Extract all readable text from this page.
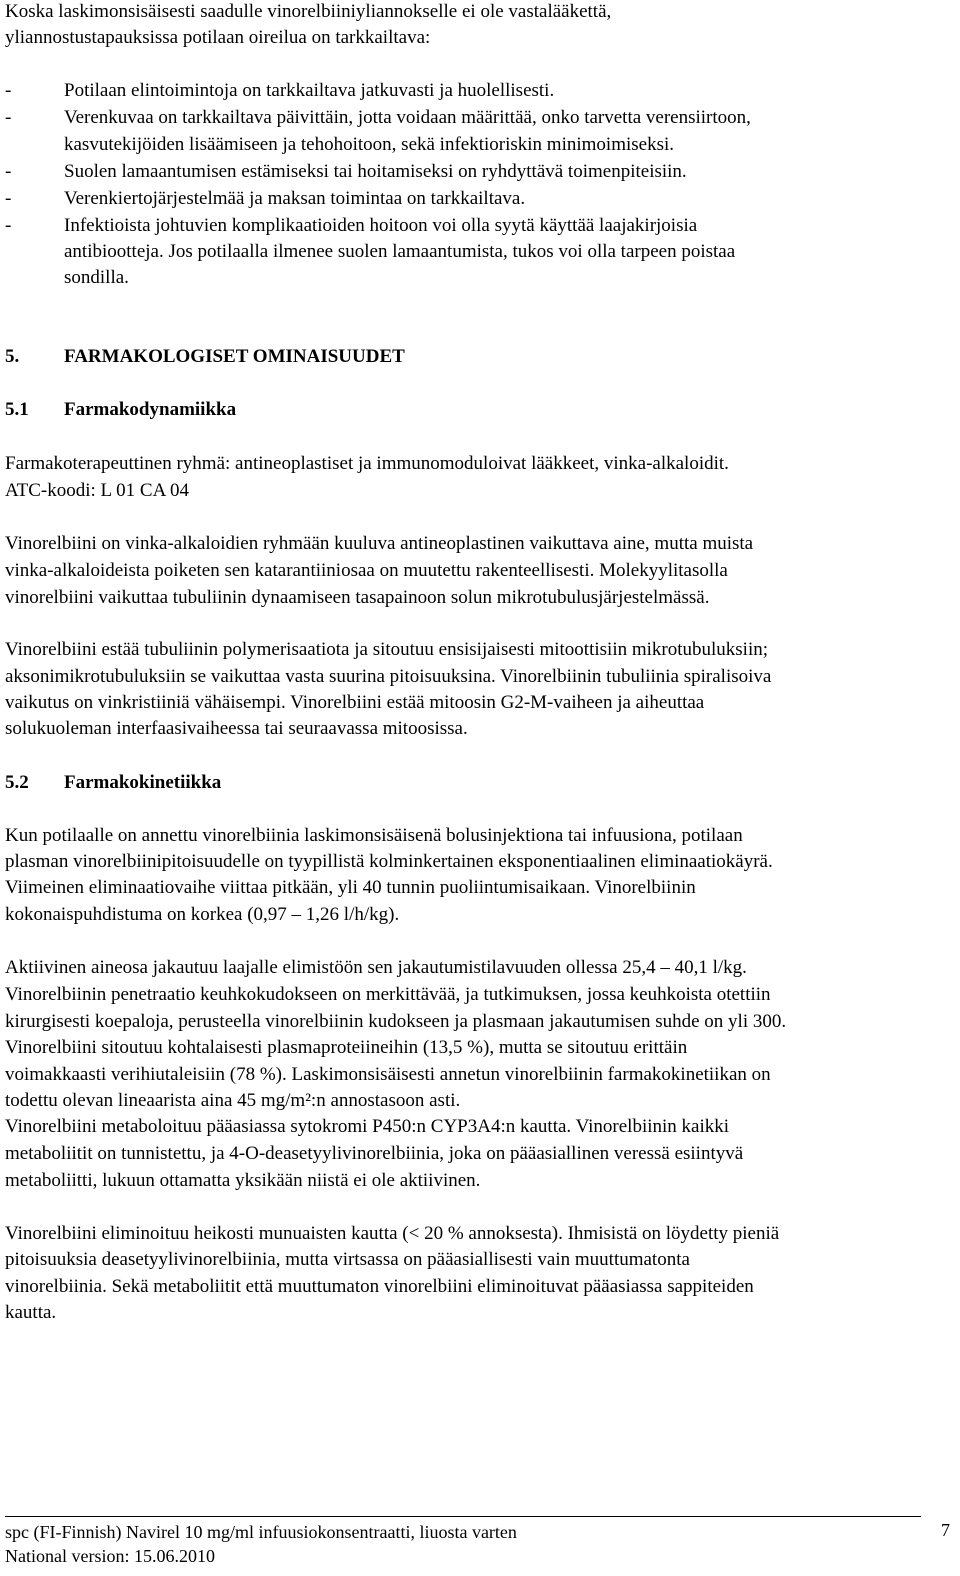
Koska laskimonsisäisesti saadulle vinorelbiiniyliannokselle ei ole vastalääkettä,
yliannostustapauksissa potilaan oireilua on tarkkailtava:
-	Potilaan elintoimintoja on tarkkailtava jatkuvasti ja huolellisesti.
-	Verenkuvaa on tarkkailtava päivittäin, jotta voidaan määrittää, onko tarvetta verensiirtoon,
kasvutekijöiden lisäämiseen ja tehohoitoon, sekä infektioriskin minimoimiseksi.
-	Suolen lamaantumisen estämiseksi tai hoitamiseksi on ryhdyttävä toimenpiteisiin.
-	Verenkiertojärjestelmää ja maksan toimintaa on tarkkailtava.
-	Infektioista johtuvien komplikaatioiden hoitoon voi olla syytä käyttää laajakirjoisia
antibiootteja. Jos potilaalla ilmenee suolen lamaantumista, tukos voi olla tarpeen poistaa
sondilla.
5. FARMAKOLOGISET OMINAISUUDET
5.1 Farmakodynamiikka
Farmakoterapeuttinen ryhmä: antineoplastiset ja immunomoduloivat lääkkeet, vinka-alkaloidit.
ATC-koodi: L 01 CA 04
Vinorelbiini on vinka-alkaloidien ryhmään kuuluva antineoplastinen vaikuttava aine, mutta muista
vinka-alkaloideista poiketen sen katarantiiniosaa on muutettu rakenteellisesti. Molekyylitasolla
vinorelbiini vaikuttaa tubuliinin dynaamiseen tasapainoon solun mikrotubulusjärjestelmässä.
Vinorelbiini estää tubuliinin polymerisaatiota ja sitoutuu ensisijaisesti mitoottisiin mikrotubuluksiin;
aksonimikrotubuluksiin se vaikuttaa vasta suurina pitoisuuksina. Vinorelbiinin tubuliinia spiralisoiva
vaikutus on vinkristiiniä vähäisempi. Vinorelbiini estää mitoosin G2-M-vaiheen ja aiheuttaa
solukuoleman interfaasivaiheessa tai seuraavassa mitoosissa.
5.2 Farmakokinetiikka
Kun potilaalle on annettu vinorelbiinia laskimonsisäisenä bolusinjektiona tai infuusiona, potilaan
plasman vinorelbiinipitoisuudelle on tyypillistä kolminkertainen eksponentiaalinen eliminaatiokäyrä.
Viimeinen eliminaatiovaihe viittaa pitkään, yli 40 tunnin puoliintumisaikaan. Vinorelbiinin
kokonaispuhdistuma on korkea (0,97 – 1,26 l/h/kg).
Aktiivinen aineosa jakautuu laajalle elimistöön sen jakautumistilavuuden ollessa 25,4 – 40,1 l/kg.
Vinorelbiinin penetraatio keuhkokudokseen on merkittävää, ja tutkimuksen, jossa keuhkoista otettiin
kirurgisesti koepaloja, perusteella vinorelbiinin kudokseen ja plasmaan jakautumisen suhde on yli 300.
Vinorelbiini sitoutuu kohtalaisesti plasmaproteiineihin (13,5 %), mutta se sitoutuu erittäin
voimakkaasti verihiutaleisiin (78 %). Laskimonsisäisesti annetun vinorelbiinin farmakokinetiikan on
todettu olevan lineaarista aina 45 mg/m²:n annostasoon asti.
Vinorelbiini metaboloituu pääasiassa sytokromi P450:n CYP3A4:n kautta. Vinorelbiinin kaikki
metaboliitit on tunnistettu, ja 4-O-deasetyylivinorelbiinia, joka on pääasiallinen veressä esiintyvä
metaboliitti, lukuun ottamatta yksikään niistä ei ole aktiivinen.
Vinorelbiini eliminoituu heikosti munuaisten kautta (< 20 % annoksesta). Ihmisistä on löydetty pieniä
pitoisuuksia deasetyylivinorelbiinia, mutta virtsassa on pääasiallisesti vain muuttumatonta
vinorelbiinia. Sekä metaboliitit että muuttumaton vinorelbiini eliminoituvat pääasiassa sappiteiden
kautta.
spc (FI-Finnish) Navirel 10 mg/ml infuusiokonsentraatti, liuosta varten
National version: 15.06.2010
7
